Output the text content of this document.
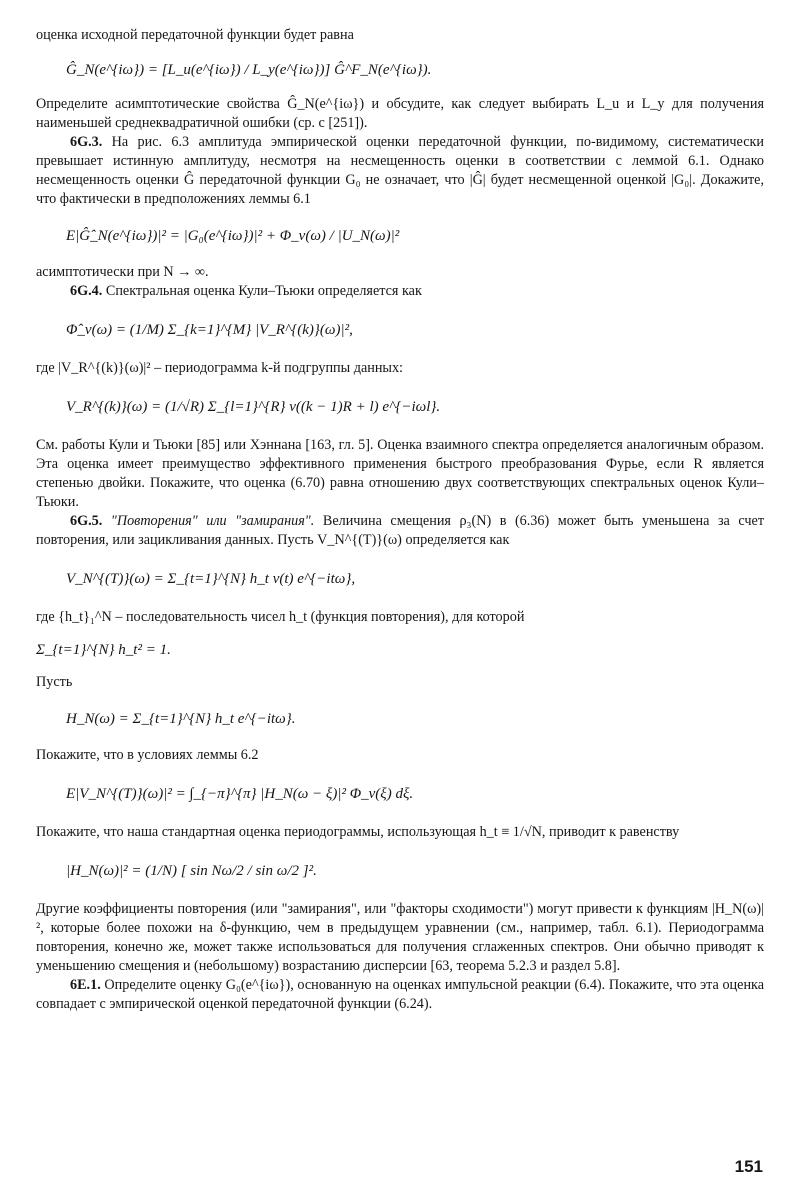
оценка исходной передаточной функции будет равна

Ĝ_N(e^{iω}) = [L_u(e^{iω}) / L_y(e^{iω})] Ĝ^F_N(e^{iω}).

Определите асимптотические свойства Ĝ_N(e^{iω}) и обсудите, как следует выбирать L_u и L_y для получения наименьшей среднеквадратичной ошибки (ср. с [251]).

6G.3. На рис. 6.3 амплитуда эмпирической оценки передаточной функции, по-видимому, систематически превышает истинную амплитуду, несмотря на несмещенность оценки в соответствии с леммой 6.1. Однако несмещенность оценки Ĝ передаточной функции G₀ не означает, что |Ĝ| будет несмещенной оценкой |G₀|. Докажите, что фактически в предположениях леммы 6.1

E|Ĝ̂_N(e^{iω})|² = |G₀(e^{iω})|² + Φ_v(ω) / |U_N(ω)|²

асимптотически при N → ∞.

6G.4. Спектральная оценка Кули–Тьюки определяется как

Φ̂_v(ω) = (1/M) Σ_{k=1}^{M} |V_R^{(k)}(ω)|²,

где |V_R^{(k)}(ω)|² – периодограмма k-й подгруппы данных:

V_R^{(k)}(ω) = (1/√R) Σ_{l=1}^{R} v((k − 1)R + l) e^{−iωl}.

См. работы Кули и Тьюки [85] или Хэннана [163, гл. 5]. Оценка взаимного спектра определяется аналогичным образом. Эта оценка имеет преимущество эффективного применения быстрого преобразования Фурье, если R является степенью двойки. Покажите, что оценка (6.70) равна отношению двух соответствующих спектральных оценок Кули–Тьюки.

6G.5. "Повторения" или "замирания". Величина смещения ρ₃(N) в (6.36) может быть уменьшена за счет повторения, или зацикливания данных. Пусть V_N^{(T)}(ω) определяется как

V_N^{(T)}(ω) = Σ_{t=1}^{N} h_t v(t) e^{−itω},

где {h_t}₁^N – последовательность чисел h_t (функция повторения), для которой

Σ_{t=1}^{N} h_t² = 1.

Пусть

H_N(ω) = Σ_{t=1}^{N} h_t e^{−itω}.

Покажите, что в условиях леммы 6.2

E|V_N^{(T)}(ω)|² = ∫_{−π}^{π} |H_N(ω − ξ)|² Φ_v(ξ) dξ.

Покажите, что наша стандартная оценка периодограммы, использующая h_t ≡ 1/√N, приводит к равенству

|H_N(ω)|² = (1/N) [ sin Nω/2 / sin ω/2 ]².

Другие коэффициенты повторения (или "замирания", или "факторы сходимости") могут привести к функциям |H_N(ω)|², которые более похожи на δ-функцию, чем в предыдущем уравнении (см., например, табл. 6.1). Периодограмма повторения, конечно же, может также использоваться для получения сглаженных спектров. Они обычно приводят к уменьшению смещения и (небольшому) возрастанию дисперсии [63, теорема 5.2.3 и раздел 5.8].

6E.1. Определите оценку G₀(e^{iω}), основанную на оценках импульсной реакции (6.4). Покажите, что эта оценка совпадает с эмпирической оценкой передаточной функции (6.24).

151
